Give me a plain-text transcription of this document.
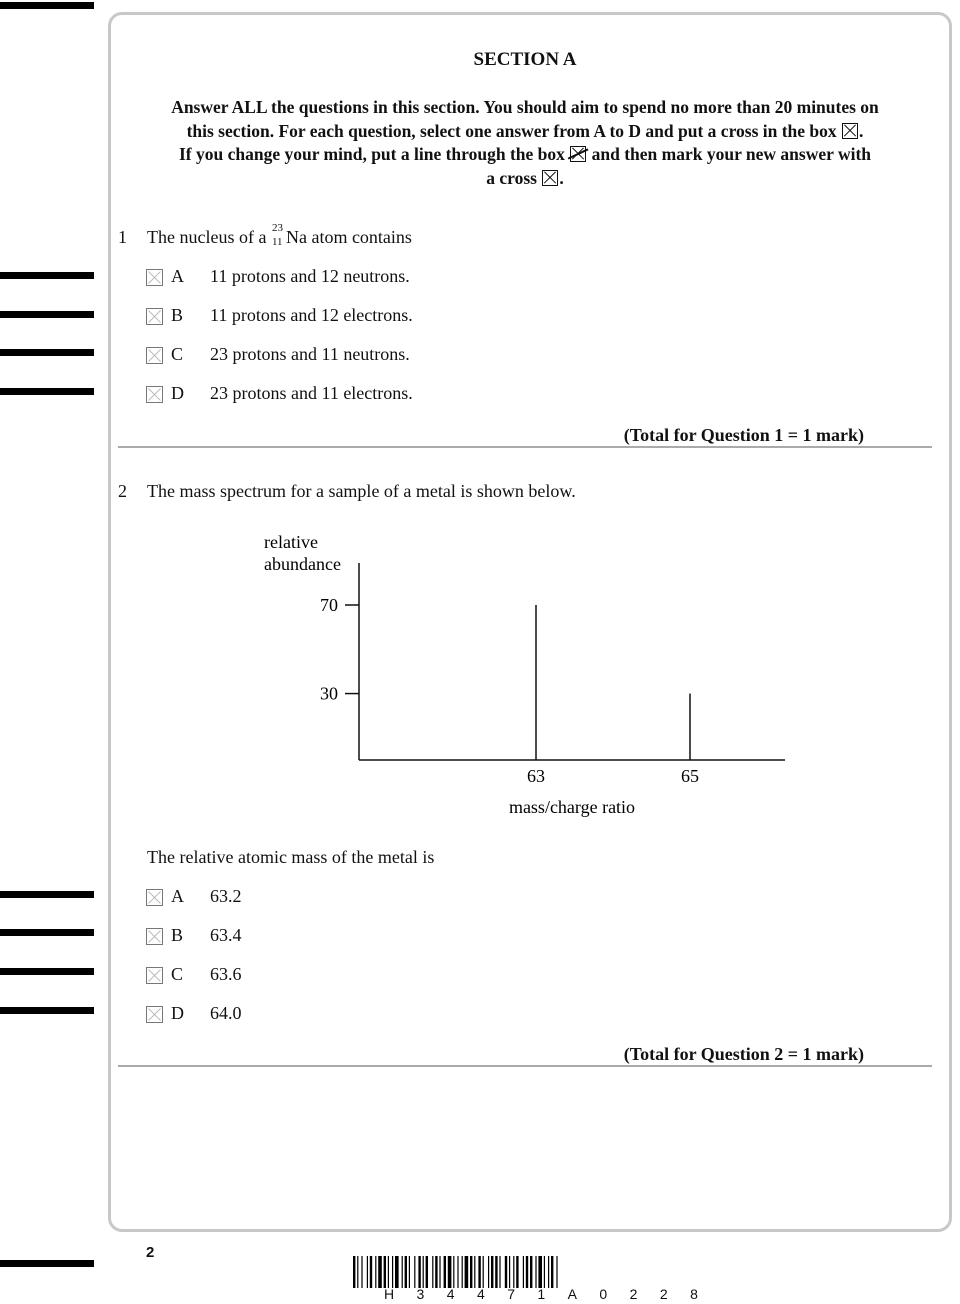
SECTION A
Answer ALL the questions in this section. You should aim to spend no more than 20 minutes on
this section. For each question, select one answer from A to D and put a cross in the box ☒.
If you change your mind, put a line through the box and then mark your new answer with
a cross ☒.
1 The nucleus of a 23
11 Na atom contains
A 11 protons and 12 neutrons.
B 11 protons and 12 electrons.
C 23 protons and 11 neutrons.
D 23 protons and 11 electrons.
(Total for Question 1 = 1 mark)
2 The mass spectrum for a sample of a metal is shown below.
relative
abundance
70
30
63	65
mass/charge ratio
The relative atomic mass of the metal is
A 63.2
B 63.4
C 63.6
D 64.0
(Total for Question 2 = 1 mark)
2
H 3 4 4 7 1 A 0 2 2 8
